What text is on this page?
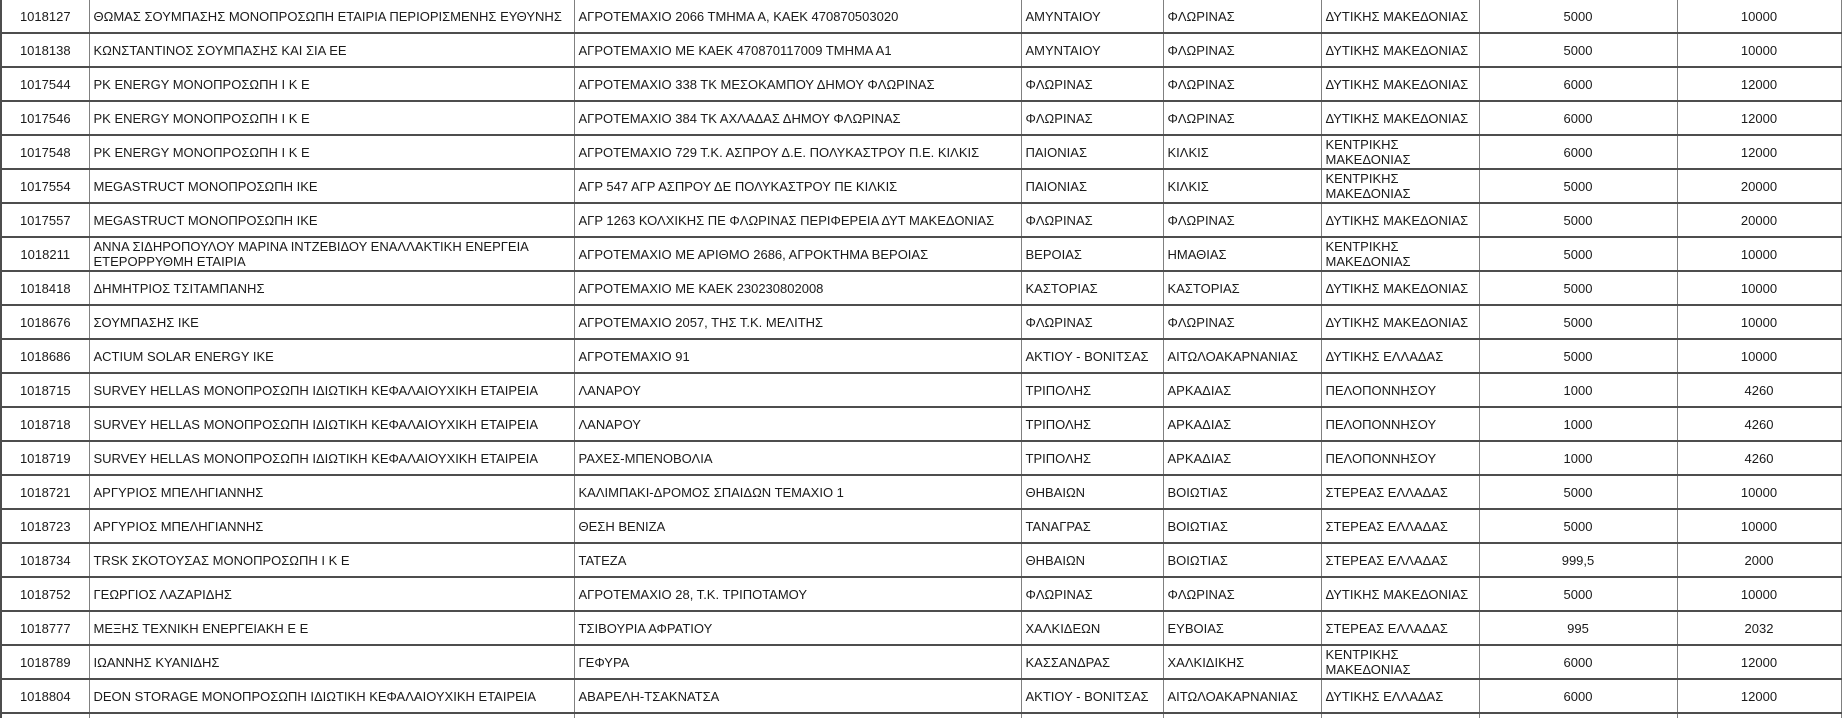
1018127	ΘΩΜΑΣ ΣΟΥΜΠΑΣΗΣ ΜΟΝΟΠΡΟΣΩΠΗ ΕΤΑΙΡΙΑ ΠΕΡΙΟΡΙΣΜΕΝΗΣ ΕΥΘΥΝΗΣ	ΑΓΡΟΤΕΜΑΧΙΟ 2066 ΤΜΗΜΑ Α, ΚΑΕΚ 470870503020	ΑΜΥΝΤΑΙΟΥ	ΦΛΩΡΙΝΑΣ	ΔΥΤΙΚΗΣ ΜΑΚΕΔΟΝΙΑΣ	5000	10000
1018138	ΚΩΝΣΤΑΝΤΙΝΟΣ ΣΟΥΜΠΑΣΗΣ ΚΑΙ ΣΙΑ ΕΕ	ΑΓΡΟΤΕΜΑΧΙΟ ΜΕ ΚΑΕΚ 470870117009 ΤΜΗΜΑ Α1	ΑΜΥΝΤΑΙΟΥ	ΦΛΩΡΙΝΑΣ	ΔΥΤΙΚΗΣ ΜΑΚΕΔΟΝΙΑΣ	5000	10000
1017544	PK ENERGY ΜΟΝΟΠΡΟΣΩΠΗ Ι Κ Ε	ΑΓΡΟΤΕΜΑΧΙΟ 338 ΤΚ ΜΕΣΟΚΑΜΠΟΥ ΔΗΜΟΥ ΦΛΩΡΙΝΑΣ	ΦΛΩΡΙΝΑΣ	ΦΛΩΡΙΝΑΣ	ΔΥΤΙΚΗΣ ΜΑΚΕΔΟΝΙΑΣ	6000	12000
1017546	PK ENERGY ΜΟΝΟΠΡΟΣΩΠΗ Ι Κ Ε	ΑΓΡΟΤΕΜΑΧΙΟ 384 ΤΚ ΑΧΛΑΔΑΣ ΔΗΜΟΥ ΦΛΩΡΙΝΑΣ	ΦΛΩΡΙΝΑΣ	ΦΛΩΡΙΝΑΣ	ΔΥΤΙΚΗΣ ΜΑΚΕΔΟΝΙΑΣ	6000	12000
1017548	PK ENERGY ΜΟΝΟΠΡΟΣΩΠΗ Ι Κ Ε	ΑΓΡΟΤΕΜΑΧΙΟ 729 Τ.Κ. ΑΣΠΡΟΥ Δ.Ε. ΠΟΛΥΚΑΣΤΡΟΥ Π.Ε. ΚΙΛΚΙΣ	ΠΑΙΟΝΙΑΣ	ΚΙΛΚΙΣ	ΚΕΝΤΡΙΚΗΣ ΜΑΚΕΔΟΝΙΑΣ	6000	12000
1017554	MEGASTRUCT ΜΟΝΟΠΡΟΣΩΠΗ ΙΚΕ	ΑΓΡ 547 ΑΓΡ ΑΣΠΡΟΥ ΔΕ ΠΟΛΥΚΑΣΤΡΟΥ ΠΕ ΚΙΛΚΙΣ	ΠΑΙΟΝΙΑΣ	ΚΙΛΚΙΣ	ΚΕΝΤΡΙΚΗΣ ΜΑΚΕΔΟΝΙΑΣ	5000	20000
1017557	MEGASTRUCT ΜΟΝΟΠΡΟΣΩΠΗ ΙΚΕ	ΑΓΡ 1263 ΚΟΛΧΙΚΗΣ ΠΕ ΦΛΩΡΙΝΑΣ ΠΕΡΙΦΕΡΕΙΑ ΔΥΤ ΜΑΚΕΔΟΝΙΑΣ	ΦΛΩΡΙΝΑΣ	ΦΛΩΡΙΝΑΣ	ΔΥΤΙΚΗΣ ΜΑΚΕΔΟΝΙΑΣ	5000	20000
1018211	ΑΝΝΑ ΣΙΔΗΡΟΠΟΥΛΟΥ ΜΑΡΙΝΑ ΙΝΤΖΕΒΙΔΟΥ ΕΝΑΛΛΑΚΤΙΚΗ ΕΝΕΡΓΕΙΑ ΕΤΕΡΟΡΡΥΘΜΗ ΕΤΑΙΡΙΑ	ΑΓΡΟΤΕΜΑΧΙΟ ΜΕ ΑΡΙΘΜΟ 2686, ΑΓΡΟΚΤΗΜΑ ΒΕΡΟΙΑΣ	ΒΕΡΟΙΑΣ	ΗΜΑΘΙΑΣ	ΚΕΝΤΡΙΚΗΣ ΜΑΚΕΔΟΝΙΑΣ	5000	10000
1018418	ΔΗΜΗΤΡΙΟΣ ΤΣΙΤΑΜΠΑΝΗΣ	ΑΓΡΟΤΕΜΑΧΙΟ ΜΕ ΚΑΕΚ 230230802008	ΚΑΣΤΟΡΙΑΣ	ΚΑΣΤΟΡΙΑΣ	ΔΥΤΙΚΗΣ ΜΑΚΕΔΟΝΙΑΣ	5000	10000
1018676	ΣΟΥΜΠΑΣΗΣ ΙΚΕ	ΑΓΡΟΤΕΜΑΧΙΟ 2057, ΤΗΣ Τ.Κ. ΜΕΛΙΤΗΣ	ΦΛΩΡΙΝΑΣ	ΦΛΩΡΙΝΑΣ	ΔΥΤΙΚΗΣ ΜΑΚΕΔΟΝΙΑΣ	5000	10000
1018686	ACTIUM SOLAR ENERGY IKE	ΑΓΡΟΤΕΜΑΧΙΟ 91	ΑΚΤΙΟΥ - ΒΟΝΙΤΣΑΣ	ΑΙΤΩΛΟΑΚΑΡΝΑΝΙΑΣ	ΔΥΤΙΚΗΣ ΕΛΛΑΔΑΣ	5000	10000
1018715	SURVEY HELLAS ΜΟΝΟΠΡΟΣΩΠΗ ΙΔΙΩΤΙΚΗ ΚΕΦΑΛΑΙΟΥΧΙΚΗ ΕΤΑΙΡΕΙΑ	ΛΑΝΑΡΟΥ	ΤΡΙΠΟΛΗΣ	ΑΡΚΑΔΙΑΣ	ΠΕΛΟΠΟΝΝΗΣΟΥ	1000	4260
1018718	SURVEY HELLAS ΜΟΝΟΠΡΟΣΩΠΗ ΙΔΙΩΤΙΚΗ ΚΕΦΑΛΑΙΟΥΧΙΚΗ ΕΤΑΙΡΕΙΑ	ΛΑΝΑΡΟΥ	ΤΡΙΠΟΛΗΣ	ΑΡΚΑΔΙΑΣ	ΠΕΛΟΠΟΝΝΗΣΟΥ	1000	4260
1018719	SURVEY HELLAS ΜΟΝΟΠΡΟΣΩΠΗ ΙΔΙΩΤΙΚΗ ΚΕΦΑΛΑΙΟΥΧΙΚΗ ΕΤΑΙΡΕΙΑ	ΡΑΧΕΣ-ΜΠΕΝΟΒΟΛΙΑ	ΤΡΙΠΟΛΗΣ	ΑΡΚΑΔΙΑΣ	ΠΕΛΟΠΟΝΝΗΣΟΥ	1000	4260
1018721	ΑΡΓΥΡΙΟΣ ΜΠΕΛΗΓΙΑΝΝΗΣ	ΚΑΛΙΜΠΑΚΙ-ΔΡΟΜΟΣ ΣΠΑΙΔΩΝ ΤΕΜΑΧΙΟ 1	ΘΗΒΑΙΩΝ	ΒΟΙΩΤΙΑΣ	ΣΤΕΡΕΑΣ ΕΛΛΑΔΑΣ	5000	10000
1018723	ΑΡΓΥΡΙΟΣ ΜΠΕΛΗΓΙΑΝΝΗΣ	ΘΕΣΗ BENIZA	ΤΑΝΑΓΡΑΣ	ΒΟΙΩΤΙΑΣ	ΣΤΕΡΕΑΣ ΕΛΛΑΔΑΣ	5000	10000
1018734	TRSK ΣΚΟΤΟΥΣΑΣ ΜΟΝΟΠΡΟΣΩΠΗ Ι Κ Ε	ΤΑΤΕΖΑ	ΘΗΒΑΙΩΝ	ΒΟΙΩΤΙΑΣ	ΣΤΕΡΕΑΣ ΕΛΛΑΔΑΣ	999,5	2000
1018752	ΓΕΩΡΓΙΟΣ ΛΑΖΑΡΙΔΗΣ	ΑΓΡΟΤΕΜΑΧΙΟ 28, Τ.Κ. ΤΡΙΠΟΤΑΜΟΥ	ΦΛΩΡΙΝΑΣ	ΦΛΩΡΙΝΑΣ	ΔΥΤΙΚΗΣ ΜΑΚΕΔΟΝΙΑΣ	5000	10000
1018777	ΜΕΞΗΣ ΤΕΧΝΙΚΗ ΕΝΕΡΓΕΙΑΚΗ Ε Ε	ΤΣΙΒΟΥΡΙΑ ΑΦΡΑΤΙΟΥ	ΧΑΛΚΙΔΕΩΝ	ΕΥΒΟΙΑΣ	ΣΤΕΡΕΑΣ ΕΛΛΑΔΑΣ	995	2032
1018789	ΙΩΑΝΝΗΣ ΚΥΑΝΙΔΗΣ	ΓΕΦΥΡΑ	ΚΑΣΣΑΝΔΡΑΣ	ΧΑΛΚΙΔΙΚΗΣ	ΚΕΝΤΡΙΚΗΣ ΜΑΚΕΔΟΝΙΑΣ	6000	12000
1018804	DEON STORAGE ΜΟΝΟΠΡΟΣΩΠΗ ΙΔΙΩΤΙΚΗ ΚΕΦΑΛΑΙΟΥΧΙΚΗ ΕΤΑΙΡΕΙΑ	ΑΒΑΡΕΛΗ-ΤΣΑΚΝΑΤΣΑ	ΑΚΤΙΟΥ - ΒΟΝΙΤΣΑΣ	ΑΙΤΩΛΟΑΚΑΡΝΑΝΙΑΣ	ΔΥΤΙΚΗΣ ΕΛΛΑΔΑΣ	6000	12000
